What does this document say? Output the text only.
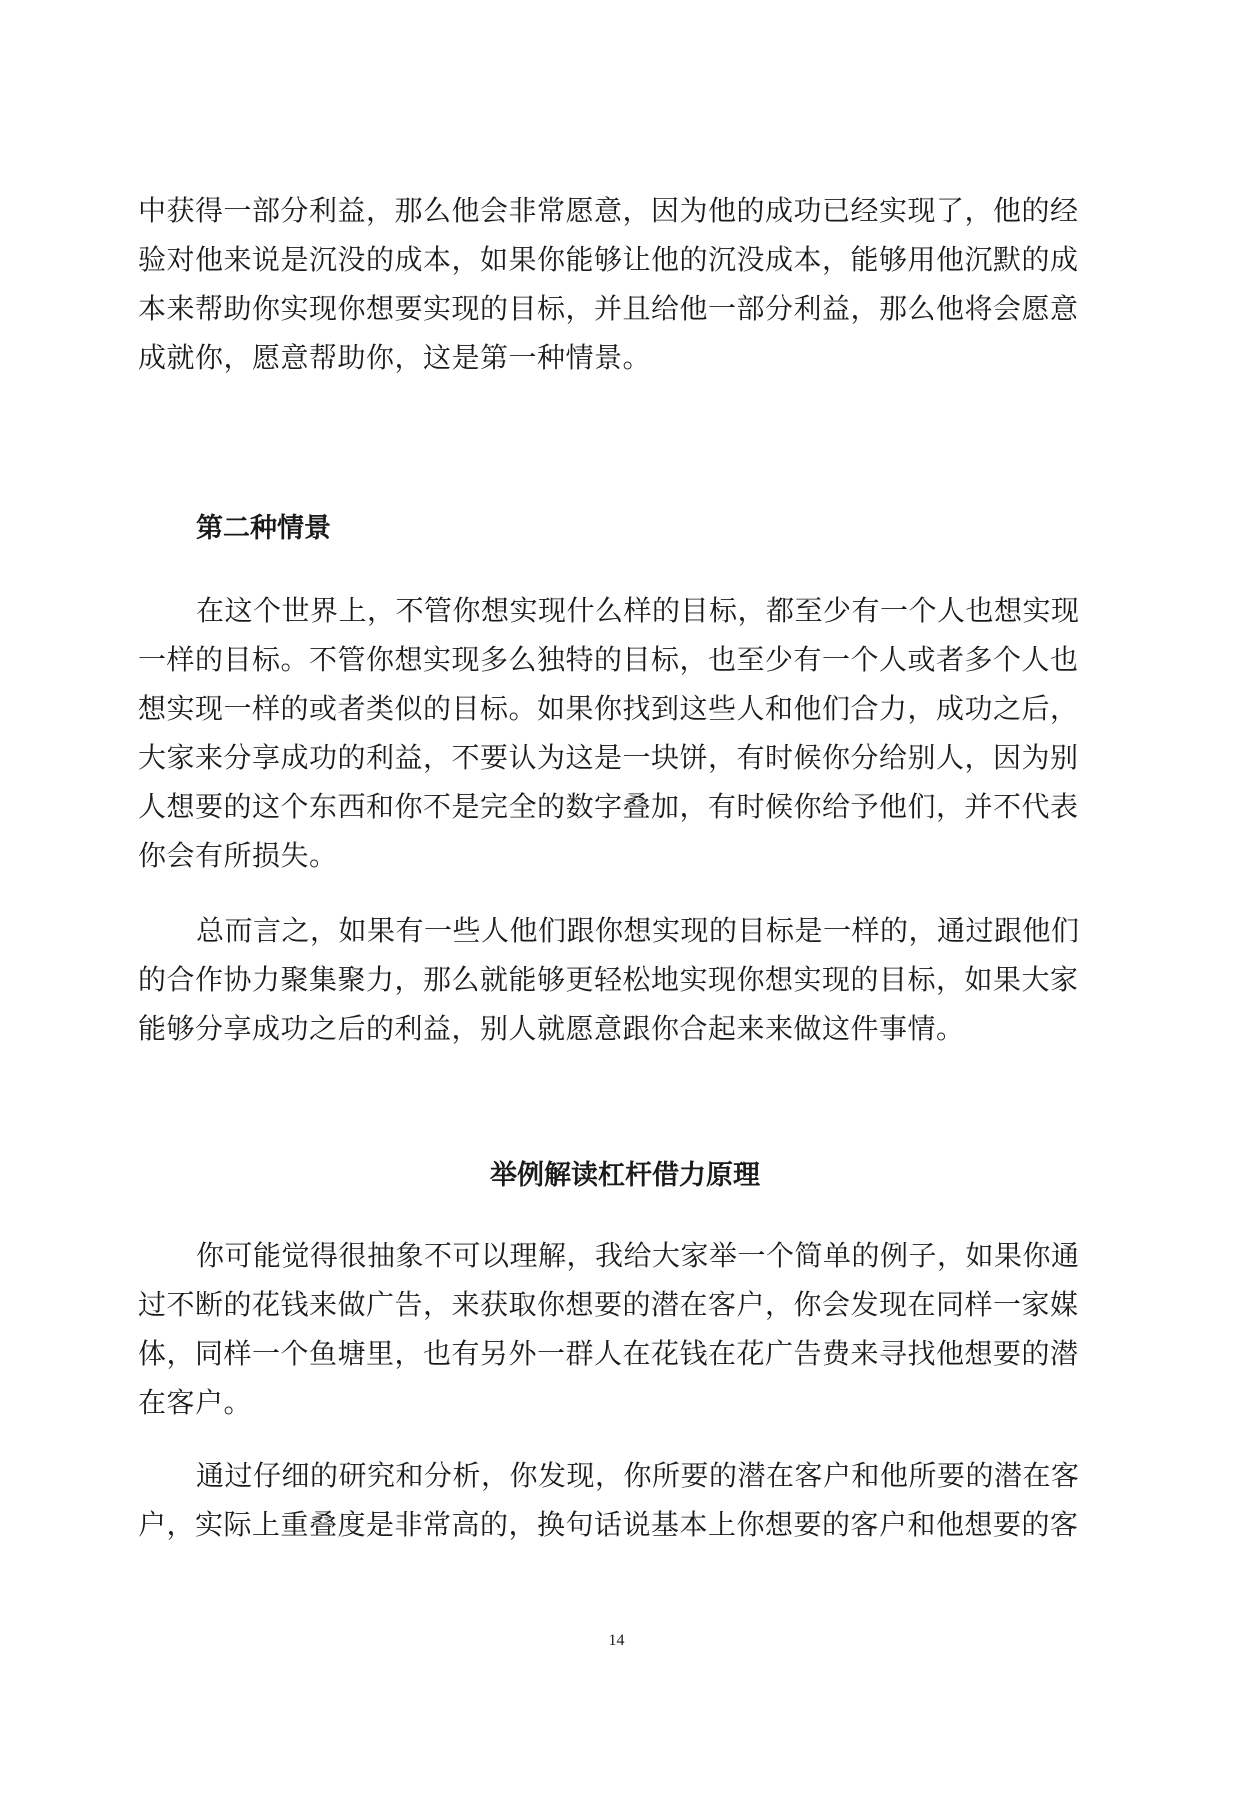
中获得一部分利益，那么他会非常愿意，因为他的成功已经实现了，他的经
验对他来说是沉没的成本，如果你能够让他的沉没成本，能够用他沉默的成
本来帮助你实现你想要实现的目标，并且给他一部分利益，那么他将会愿意
成就你，愿意帮助你，这是第一种情景。
第二种情景
在这个世界上，不管你想实现什么样的目标，都至少有一个人也想实现
一样的目标。不管你想实现多么独特的目标，也至少有一个人或者多个人也
想实现一样的或者类似的目标。如果你找到这些人和他们合力，成功之后，
大家来分享成功的利益，不要认为这是一块饼，有时候你分给别人，因为别
人想要的这个东西和你不是完全的数字叠加，有时候你给予他们，并不代表
你会有所损失。
总而言之，如果有一些人他们跟你想实现的目标是一样的，通过跟他们
的合作协力聚集聚力，那么就能够更轻松地实现你想实现的目标，如果大家
能够分享成功之后的利益，别人就愿意跟你合起来来做这件事情。
举例解读杠杆借力原理
你可能觉得很抽象不可以理解，我给大家举一个简单的例子，如果你通
过不断的花钱来做广告，来获取你想要的潜在客户，你会发现在同样一家媒
体，同样一个鱼塘里，也有另外一群人在花钱在花广告费来寻找他想要的潜
在客户。
通过仔细的研究和分析，你发现，你所要的潜在客户和他所要的潜在客
户，实际上重叠度是非常高的，换句话说基本上你想要的客户和他想要的客
14
